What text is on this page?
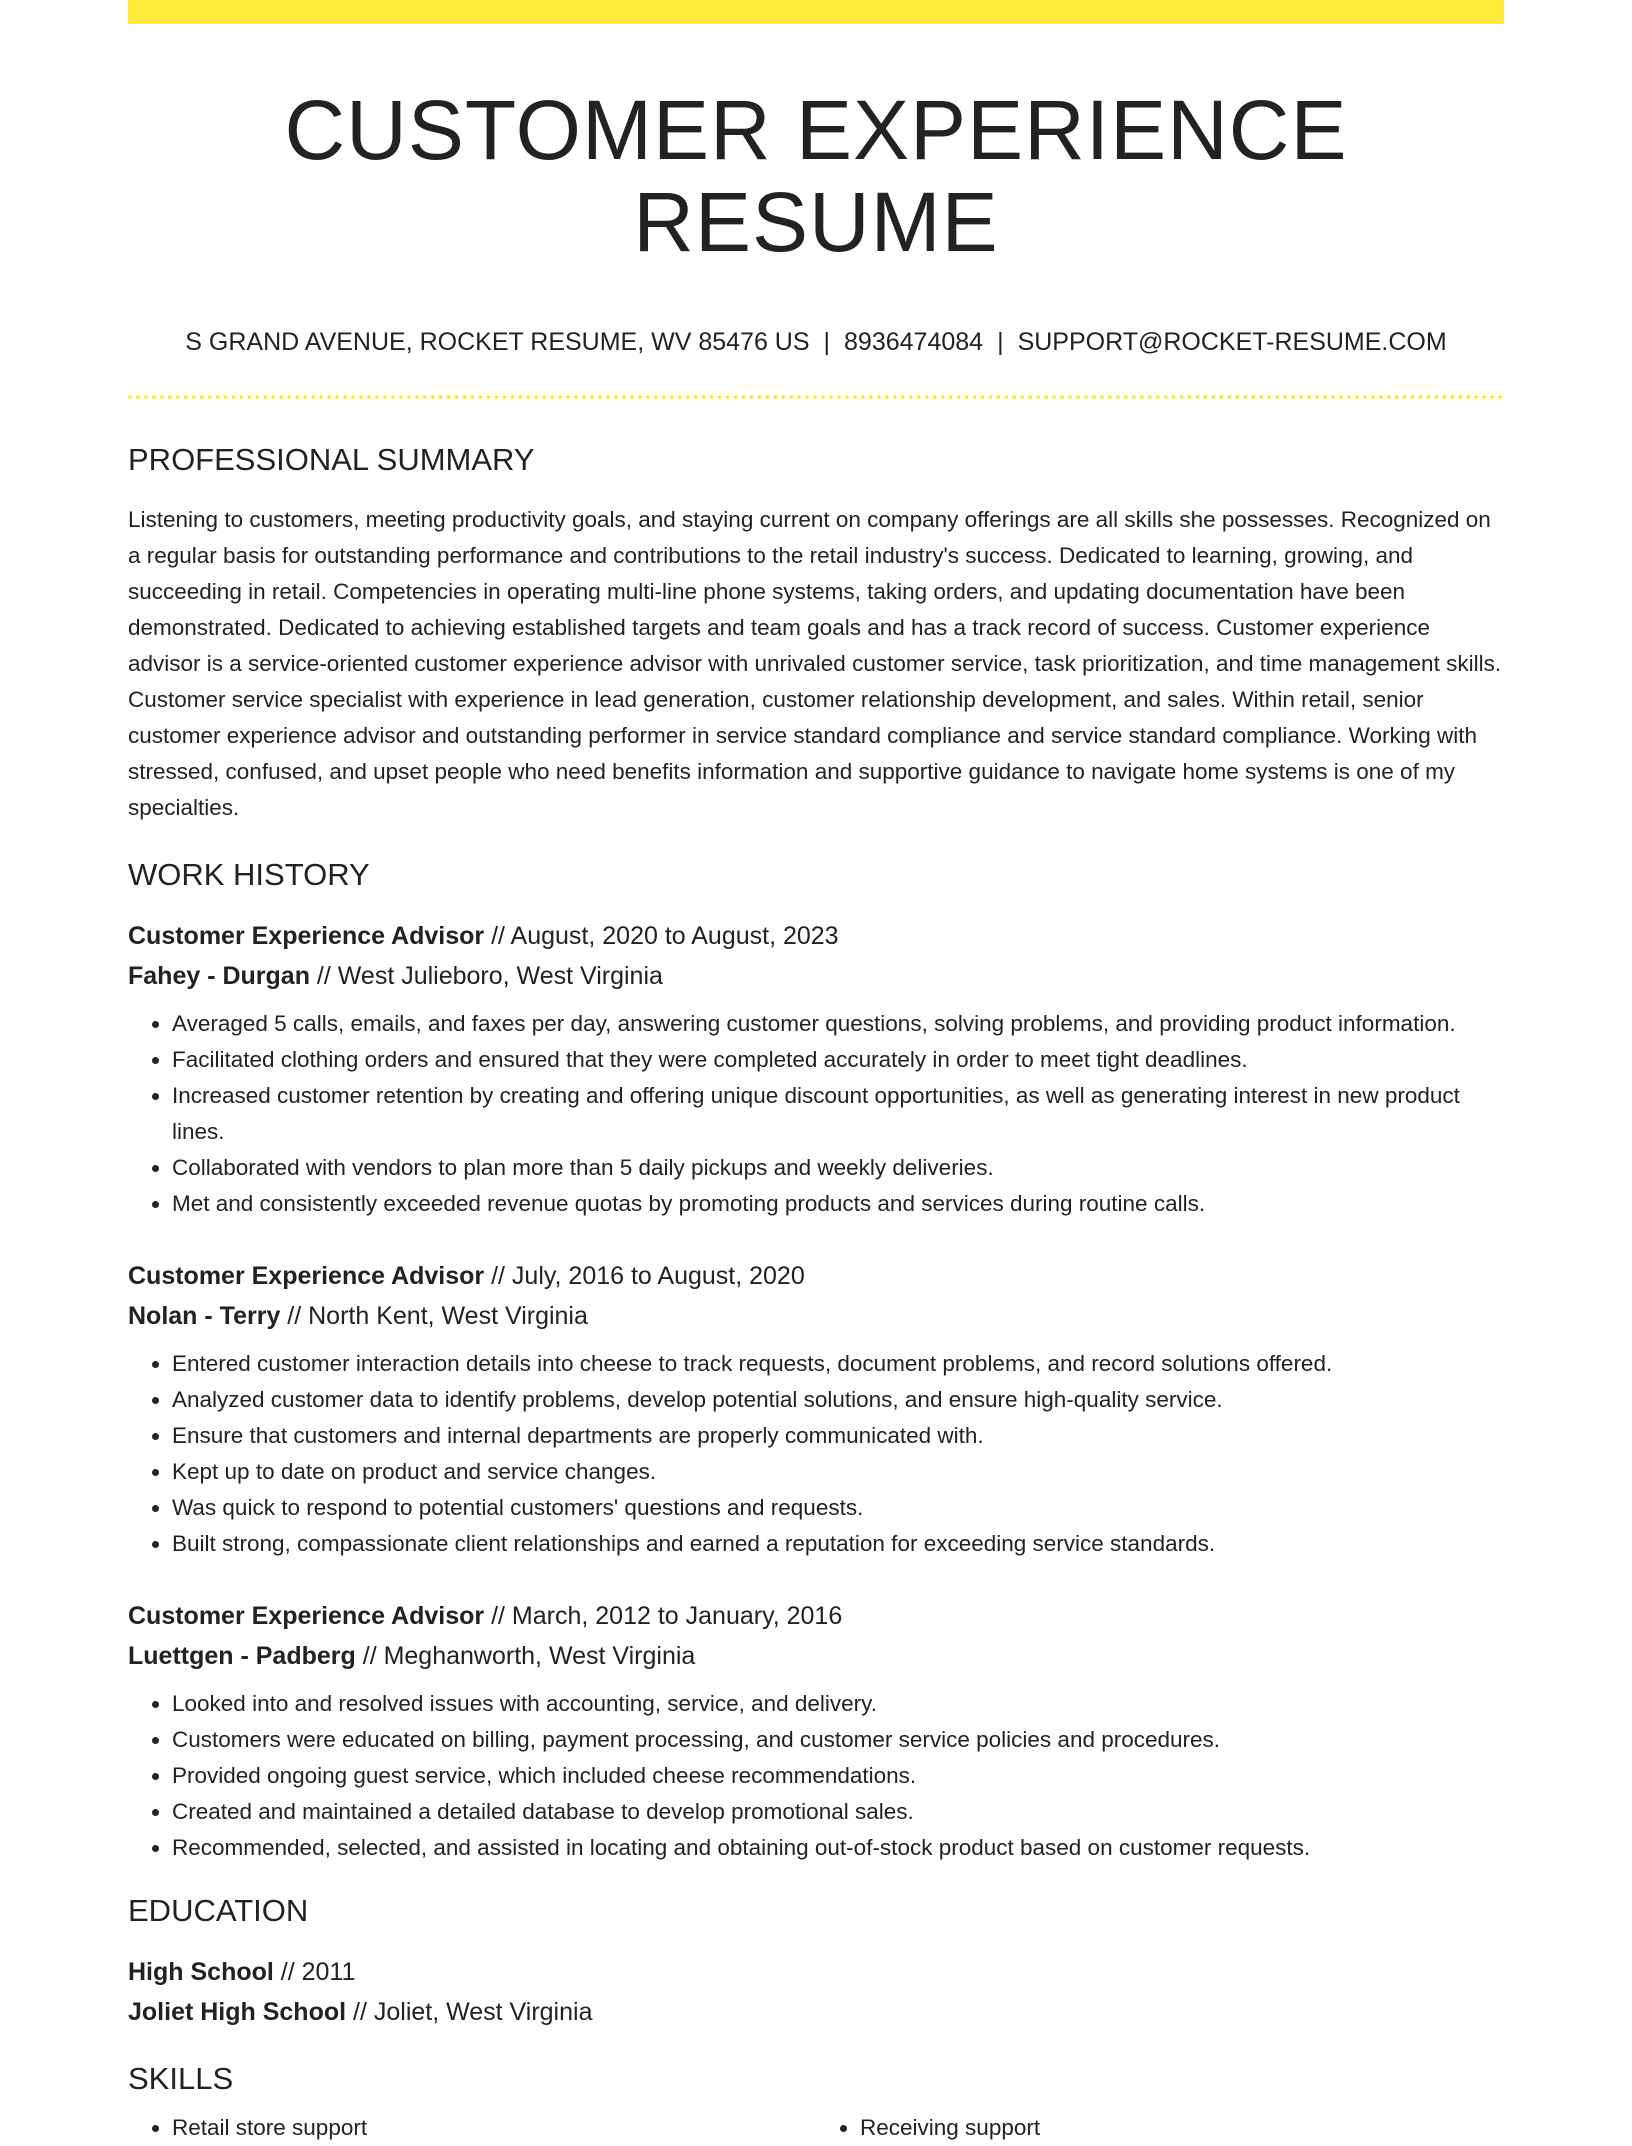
CUSTOMER EXPERIENCE RESUME
S GRAND AVENUE, ROCKET RESUME, WV 85476 US | 8936474084 | SUPPORT@ROCKET-RESUME.COM
PROFESSIONAL SUMMARY
Listening to customers, meeting productivity goals, and staying current on company offerings are all skills she possesses. Recognized on a regular basis for outstanding performance and contributions to the retail industry's success. Dedicated to learning, growing, and succeeding in retail. Competencies in operating multi-line phone systems, taking orders, and updating documentation have been demonstrated. Dedicated to achieving established targets and team goals and has a track record of success. Customer experience advisor is a service-oriented customer experience advisor with unrivaled customer service, task prioritization, and time management skills. Customer service specialist with experience in lead generation, customer relationship development, and sales. Within retail, senior customer experience advisor and outstanding performer in service standard compliance and service standard compliance. Working with stressed, confused, and upset people who need benefits information and supportive guidance to navigate home systems is one of my specialties.
WORK HISTORY
Customer Experience Advisor // August, 2020 to August, 2023
Fahey - Durgan // West Julieboro, West Virginia
• Averaged 5 calls, emails, and faxes per day, answering customer questions, solving problems, and providing product information.
• Facilitated clothing orders and ensured that they were completed accurately in order to meet tight deadlines.
• Increased customer retention by creating and offering unique discount opportunities, as well as generating interest in new product lines.
• Collaborated with vendors to plan more than 5 daily pickups and weekly deliveries.
• Met and consistently exceeded revenue quotas by promoting products and services during routine calls.
Customer Experience Advisor // July, 2016 to August, 2020
Nolan - Terry // North Kent, West Virginia
• Entered customer interaction details into cheese to track requests, document problems, and record solutions offered.
• Analyzed customer data to identify problems, develop potential solutions, and ensure high-quality service.
• Ensure that customers and internal departments are properly communicated with.
• Kept up to date on product and service changes.
• Was quick to respond to potential customers' questions and requests.
• Built strong, compassionate client relationships and earned a reputation for exceeding service standards.
Customer Experience Advisor // March, 2012 to January, 2016
Luettgen - Padberg // Meghanworth, West Virginia
• Looked into and resolved issues with accounting, service, and delivery.
• Customers were educated on billing, payment processing, and customer service policies and procedures.
• Provided ongoing guest service, which included cheese recommendations.
• Created and maintained a detailed database to develop promotional sales.
• Recommended, selected, and assisted in locating and obtaining out-of-stock product based on customer requests.
EDUCATION
High School // 2011
Joliet High School // Joliet, West Virginia
SKILLS
• Retail store support
•	Receiving support
